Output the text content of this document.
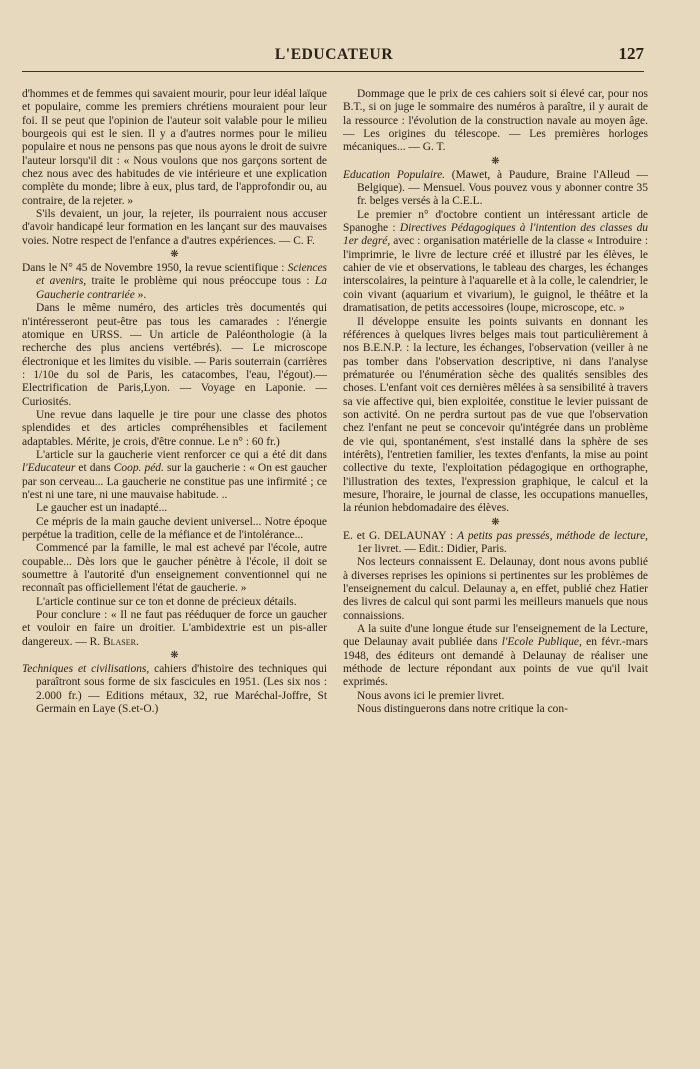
L'EDUCATEUR	127

d'hommes et de femmes qui savaient mourir, pour leur idéal laïque et populaire, comme les premiers chrétiens mouraient pour leur foi. Il se peut que l'opinion de l'auteur soit valable pour le milieu bourgeois qui est le sien. Il y a d'autres normes pour le milieu populaire et nous ne pensons pas que nous ayons le droit de suivre l'auteur lorsqu'il dit : « Nous voulons que nos garçons sortent de chez nous avec des habitudes de vie intérieure et une explication complète du monde; libre à eux, plus tard, de l'approfondir ou, au contraire, de la rejeter. »

S'ils devaient, un jour, la rejeter, ils pourraient nous accuser d'avoir handicapé leur formation en les lançant sur des mauvaises voies. Notre respect de l'enfance a d'autres expériences. — C. F.

❋

Dans le N° 45 de Novembre 1950, la revue scientifique : Sciences et avenirs, traite le problème qui nous préoccupe tous : La Gaucherie contrariée ».

Dans le même numéro, des articles très documentés qui n'intéresseront peut-être pas tous les camarades : l'énergie atomique en URSS. — Un article de Paléonthologie (à la recherche des plus anciens vertébrés). — Le microscope électronique et les limites du visible. — Paris souterrain (carrières : 1/10e du sol de Paris, les catacombes, l'eau, l'égout).— Electrification de Paris,Lyon. — Voyage en Laponie. — Curiosités.

Une revue dans laquelle je tire pour une classe des photos splendides et des articles compréhensibles et facilement adaptables. Mérite, je crois, d'être connue. Le n° : 60 fr.)

L'article sur la gaucherie vient renforcer ce qui a été dit dans l'Educateur et dans Coop. péd. sur la gaucherie : « On est gaucher par son cerveau... La gaucherie ne constitue pas une infirmité ; ce n'est ni une tare, ni une mauvaise habitude. ..

Le gaucher est un inadapté...

Ce mépris de la main gauche devient universel... Notre époque perpétue la tradition, celle de la méfiance et de l'intolérance...

Commencé par la famille, le mal est achevé par l'école, autre coupable... Dès lors que le gaucher pénètre à l'école, il doit se soumettre à l'autorité d'un enseignement conventionnel qui ne reconnaît pas officiellement l'état de gaucherie. »

L'article continue sur ce ton et donne de précieux détails.

Pour conclure : « Il ne faut pas rééduquer de force un gaucher et vouloir en faire un droitier. L'ambidextrie est un pis-aller dangereux. — R. Blaser.

❋

Techniques et civilisations, cahiers d'histoire des techniques qui paraîtront sous forme de six fascicules en 1951. (Les six nos : 2.000 fr.) — Editions métaux, 32, rue Maréchal-Joffre, St Germain en Laye (S.et-O.)

Dommage que le prix de ces cahiers soit si élevé car, pour nos B.T., si on juge le sommaire des numéros à paraître, il y aurait de la ressource : l'évolution de la construction navale au moyen âge. — Les origines du télescope. — Les premières horloges mécaniques... — G. T.

❋

Education Populaire. (Mawet, à Paudure, Braine l'Alleud — Belgique). — Mensuel. Vous pouvez vous y abonner contre 35 fr. belges versés à la C.E.L.

Le premier n° d'octobre contient un intéressant article de Spanoghe : Directives Pédagogiques à l'intention des classes du 1er degré, avec : organisation matérielle de la classe « Introduire : l'imprimrie, le livre de lecture créé et illustré par les élèves, le cahier de vie et observations, le tableau des charges, les échanges interscolaires, la peinture à l'aquarelle et à la colle, le calendrier, le coin vivant (aquarium et vivarium), le guignol, le théâtre et la dramatisation, de petits accessoires (loupe, microscope, etc. »

Il développe ensuite les points suivants en donnant les références à quelques livres belges mais tout particulièrement à nos B.E.N.P. : la lecture, les échanges, l'observation (veiller à ne pas tomber dans l'observation descriptive, ni dans l'analyse prématurée ou l'énumération sèche des qualités sensibles des choses. L'enfant voit ces dernières mêlées à sa sensibilité à travers sa vie affective qui, bien exploitée, constitue le levier puissant de son activité. On ne perdra surtout pas de vue que l'observation chez l'enfant ne peut se concevoir qu'intégrée dans un problème de vie qui, spontanément, s'est installé dans la sphère de ses intérêts), l'entretien familier, les textes d'enfants, la mise au point collective du texte, l'exploitation pédagogique en orthographe, l'illustration des textes, l'expression graphique, le calcul et la mesure, l'horaire, le journal de classe, les occupations manuelles, la réunion hebdomadaire des élèves.

❋

E. et G. DELAUNAY : A petits pas pressés, méthode de lecture, 1er livret. — Edit.: Didier, Paris.

Nos lecteurs connaissent E. Delaunay, dont nous avons publié à diverses reprises les opinions si pertinentes sur les problèmes de l'enseignement du calcul. Delaunay a, en effet, publié chez Hatier des livres de calcul qui sont parmi les meilleurs manuels que nous connaissions.

A la suite d'une longue étude sur l'enseignement de la Lecture, que Delaunay avait publiée dans l'Ecole Publique, en févr.-mars 1948, des éditeurs ont demandé à Delaunay de réaliser une méthode de lecture répondant aux points de vue qu'il lvait exprimés.

Nous avons ici le premier livret.

Nous distinguerons dans notre critique la con-
